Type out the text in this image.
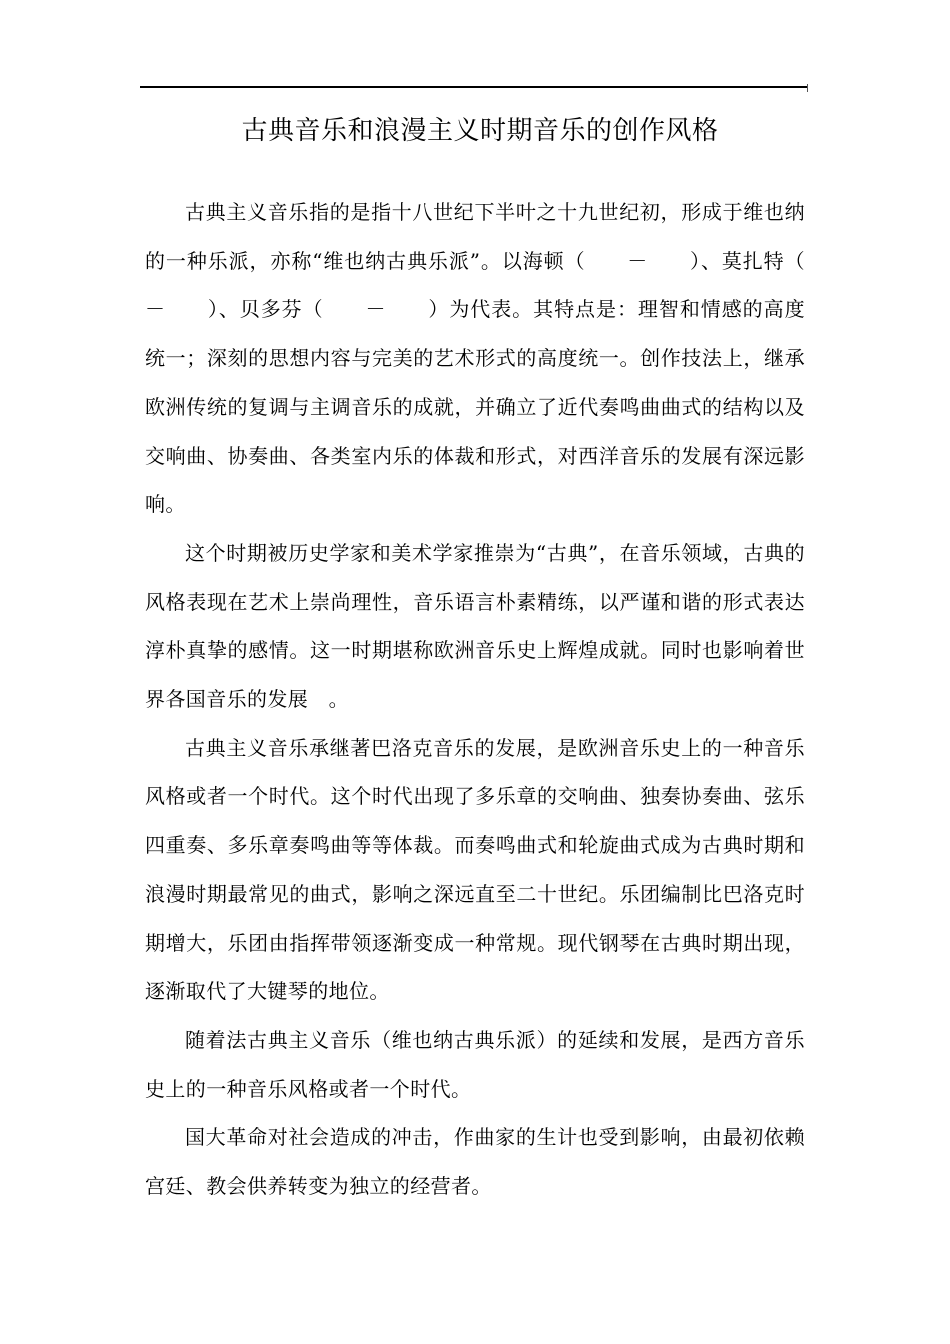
古典音乐和浪漫主义时期音乐的创作风格

古典主义音乐指的是指十八世纪下半叶之十九世纪初，形成于维也纳的一种乐派，亦称“维也纳古典乐派”。以海顿（　　－　　）、莫扎特（　　－　　）、贝多芬（　　－　　）为代表。其特点是：理智和情感的高度统一；深刻的思想内容与完美的艺术形式的高度统一。创作技法上，继承欧洲传统的复调与主调音乐的成就，并确立了近代奏鸣曲曲式的结构以及交响曲、协奏曲、各类室内乐的体裁和形式，对西洋音乐的发展有深远影响。

这个时期被历史学家和美术学家推崇为“古典”，在音乐领域，古典的风格表现在艺术上崇尚理性，音乐语言朴素精练，以严谨和谐的形式表达淳朴真挚的感情。这一时期堪称欧洲音乐史上辉煌成就。同时也影响着世界各国音乐的发展　。

古典主义音乐承继著巴洛克音乐的发展，是欧洲音乐史上的一种音乐风格或者一个时代。这个时代出现了多乐章的交响曲、独奏协奏曲、弦乐四重奏、多乐章奏鸣曲等等体裁。而奏鸣曲式和轮旋曲式成为古典时期和浪漫时期最常见的曲式，影响之深远直至二十世纪。乐团编制比巴洛克时期增大，乐团由指挥带领逐渐变成一种常规。现代钢琴在古典时期出现，逐渐取代了大键琴的地位。

随着法古典主义音乐（维也纳古典乐派）的延续和发展，是西方音乐史上的一种音乐风格或者一个时代。

国大革命对社会造成的冲击，作曲家的生计也受到影响，由最初依赖宫廷、教会供养转变为独立的经营者。
